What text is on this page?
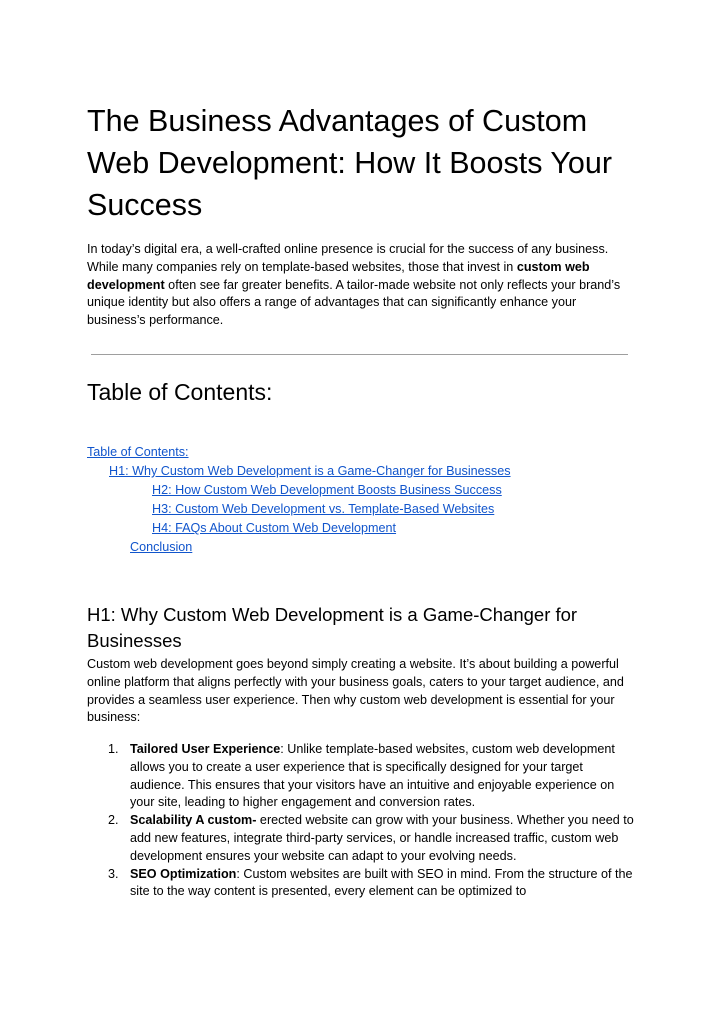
The Business Advantages of Custom Web Development: How It Boosts Your Success

In today’s digital era, a well-crafted online presence is crucial for the success of any business. While many companies rely on template-based websites, those that invest in custom web development often see far greater benefits. A tailor-made website not only reflects your brand’s unique identity but also offers a range of advantages that can significantly enhance your business’s performance.

Table of Contents:
Table of Contents:
H1: Why Custom Web Development is a Game-Changer for Businesses
H2: How Custom Web Development Boosts Business Success
H3: Custom Web Development vs. Template-Based Websites
H4: FAQs About Custom Web Development
Conclusion
H1: Why Custom Web Development is a Game-Changer for Businesses

Custom web development goes beyond simply creating a website. It’s about building a powerful online platform that aligns perfectly with your business goals, caters to your target audience, and provides a seamless user experience. Then why custom web development is essential for your business:

1. Tailored User Experience: Unlike template-based websites, custom web development allows you to create a user experience that is specifically designed for your target audience. This ensures that your visitors have an intuitive and enjoyable experience on your site, leading to higher engagement and conversion rates.
2. Scalability A custom- erected website can grow with your business. Whether you need to add new features, integrate third-party services, or handle increased traffic, custom web development ensures your website can adapt to your evolving needs.
3. SEO Optimization: Custom websites are built with SEO in mind. From the structure of the site to the way content is presented, every element can be optimized to
